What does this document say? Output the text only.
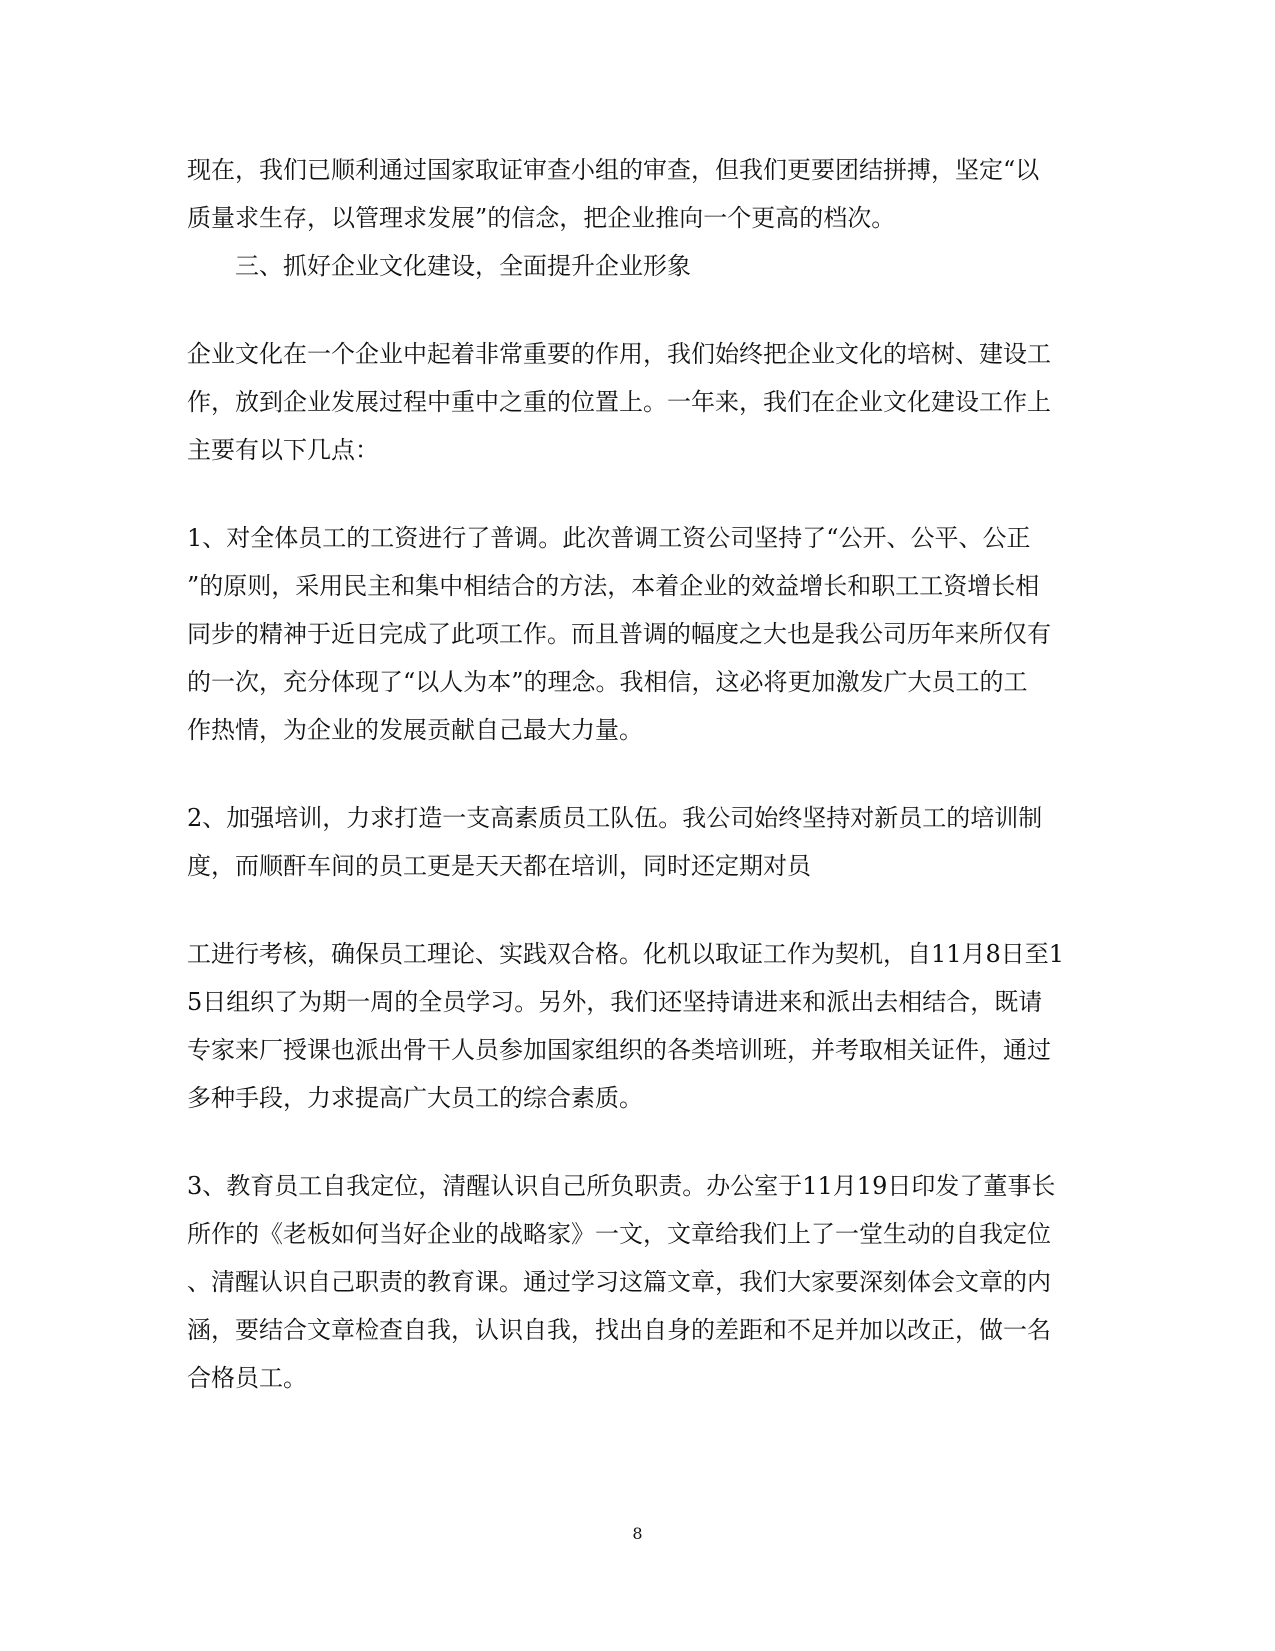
现在，我们已顺利通过国家取证审查小组的审查，但我们更要团结拼搏，坚定“以
质量求生存，以管理求发展”的信念，把企业推向一个更高的档次。
三、抓好企业文化建设，全面提升企业形象
企业文化在一个企业中起着非常重要的作用，我们始终把企业文化的培树、建设工
作，放到企业发展过程中重中之重的位置上。一年来，我们在企业文化建设工作上
主要有以下几点：
1、对全体员工的工资进行了普调。此次普调工资公司坚持了“公开、公平、公正
”的原则，采用民主和集中相结合的方法，本着企业的效益增长和职工工资增长相
同步的精神于近日完成了此项工作。而且普调的幅度之大也是我公司历年来所仅有
的一次，充分体现了“以人为本”的理念。我相信，这必将更加激发广大员工的工
作热情，为企业的发展贡献自己最大力量。
2、加强培训，力求打造一支高素质员工队伍。我公司始终坚持对新员工的培训制
度，而顺酐车间的员工更是天天都在培训，同时还定期对员
工进行考核，确保员工理论、实践双合格。化机以取证工作为契机，自11月8日至1
5日组织了为期一周的全员学习。另外，我们还坚持请进来和派出去相结合，既请
专家来厂授课也派出骨干人员参加国家组织的各类培训班，并考取相关证件，通过
多种手段，力求提高广大员工的综合素质。
3、教育员工自我定位，清醒认识自己所负职责。办公室于11月19日印发了董事长
所作的《老板如何当好企业的战略家》一文，文章给我们上了一堂生动的自我定位
、清醒认识自己职责的教育课。通过学习这篇文章，我们大家要深刻体会文章的内
涵，要结合文章检查自我，认识自我，找出自身的差距和不足并加以改正，做一名
合格员工。
8
